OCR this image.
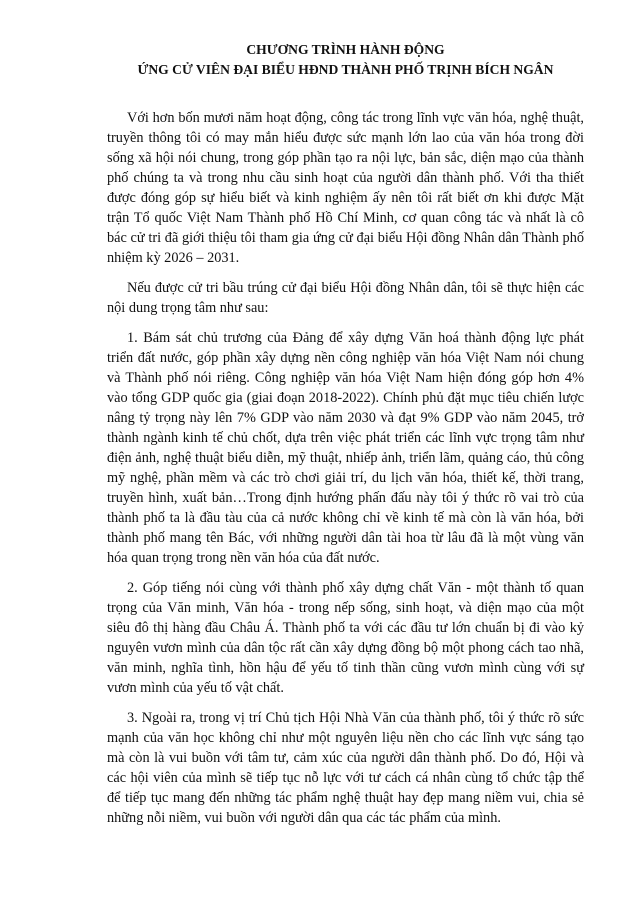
CHƯƠNG TRÌNH HÀNH ĐỘNG

ỨNG CỬ VIÊN ĐẠI BIỂU HĐND THÀNH PHỐ TRỊNH BÍCH NGÂN

Với hơn bốn mươi năm hoạt động, công tác trong lĩnh vực văn hóa, nghệ thuật, truyền thông tôi có may mắn hiểu được sức mạnh lớn lao của văn hóa trong đời sống xã hội nói chung, trong góp phần tạo ra nội lực, bản sắc, diện mạo của thành phố chúng ta và trong nhu cầu sinh hoạt của người dân thành phố. Với tha thiết được đóng góp sự hiểu biết và kinh nghiệm ấy nên tôi rất biết ơn khi được Mặt trận Tổ quốc Việt Nam Thành phố Hồ Chí Minh, cơ quan công tác và nhất là cô bác cử tri đã giới thiệu tôi tham gia ứng cử đại biểu Hội đồng Nhân dân Thành phố nhiệm kỳ 2026 – 2031.

Nếu được cử tri bầu trúng cử đại biểu Hội đồng Nhân dân, tôi sẽ thực hiện các nội dung trọng tâm như sau:

1. Bám sát chủ trương của Đảng để xây dựng Văn hoá thành động lực phát triển đất nước, góp phần xây dựng nền công nghiệp văn hóa Việt Nam nói chung và Thành phố nói riêng. Công nghiệp văn hóa Việt Nam hiện đóng góp hơn 4% vào tổng GDP quốc gia (giai đoạn 2018-2022). Chính phủ đặt mục tiêu chiến lược nâng tỷ trọng này lên 7% GDP vào năm 2030 và đạt 9% GDP vào năm 2045, trở thành ngành kinh tế chủ chốt, dựa trên việc phát triển các lĩnh vực trọng tâm như điện ảnh, nghệ thuật biểu diễn, mỹ thuật, nhiếp ảnh, triển lãm, quảng cáo, thủ công mỹ nghệ, phần mềm và các trò chơi giải trí, du lịch văn hóa, thiết kế, thời trang, truyền hình, xuất bản…Trong định hướng phấn đấu này tôi ý thức rõ vai trò của thành phố ta là đầu tàu của cả nước không chỉ về kinh tế mà còn là văn hóa, bởi thành phố mang tên Bác, với những người dân tài hoa từ lâu đã là một vùng văn hóa quan trọng trong nền văn hóa của đất nước.

2. Góp tiếng nói cùng với thành phố xây dựng chất Văn - một thành tố quan trọng của Văn minh, Văn hóa - trong nếp sống, sinh hoạt, và diện mạo của một siêu đô thị hàng đầu Châu Á. Thành phố ta với các đầu tư lớn chuẩn bị đi vào kỷ nguyên vươn mình của dân tộc rất cần xây dựng đồng bộ một phong cách tao nhã, văn minh, nghĩa tình, hồn hậu để yếu tố tinh thần cũng vươn mình cùng với sự vươn mình của yếu tố vật chất.

3. Ngoài ra, trong vị trí Chủ tịch Hội Nhà Văn của thành phố, tôi ý thức rõ sức mạnh của văn học không chỉ như một nguyên liệu nền cho các lĩnh vực sáng tạo mà còn là vui buồn với tâm tư, cảm xúc của người dân thành phố. Do đó, Hội và các hội viên của mình sẽ tiếp tục nỗ lực với tư cách cá nhân cùng tổ chức tập thể để tiếp tục mang đến những tác phẩm nghệ thuật hay đẹp mang niềm vui, chia sẻ những nỗi niềm, vui buồn với người dân qua các tác phẩm của mình.
